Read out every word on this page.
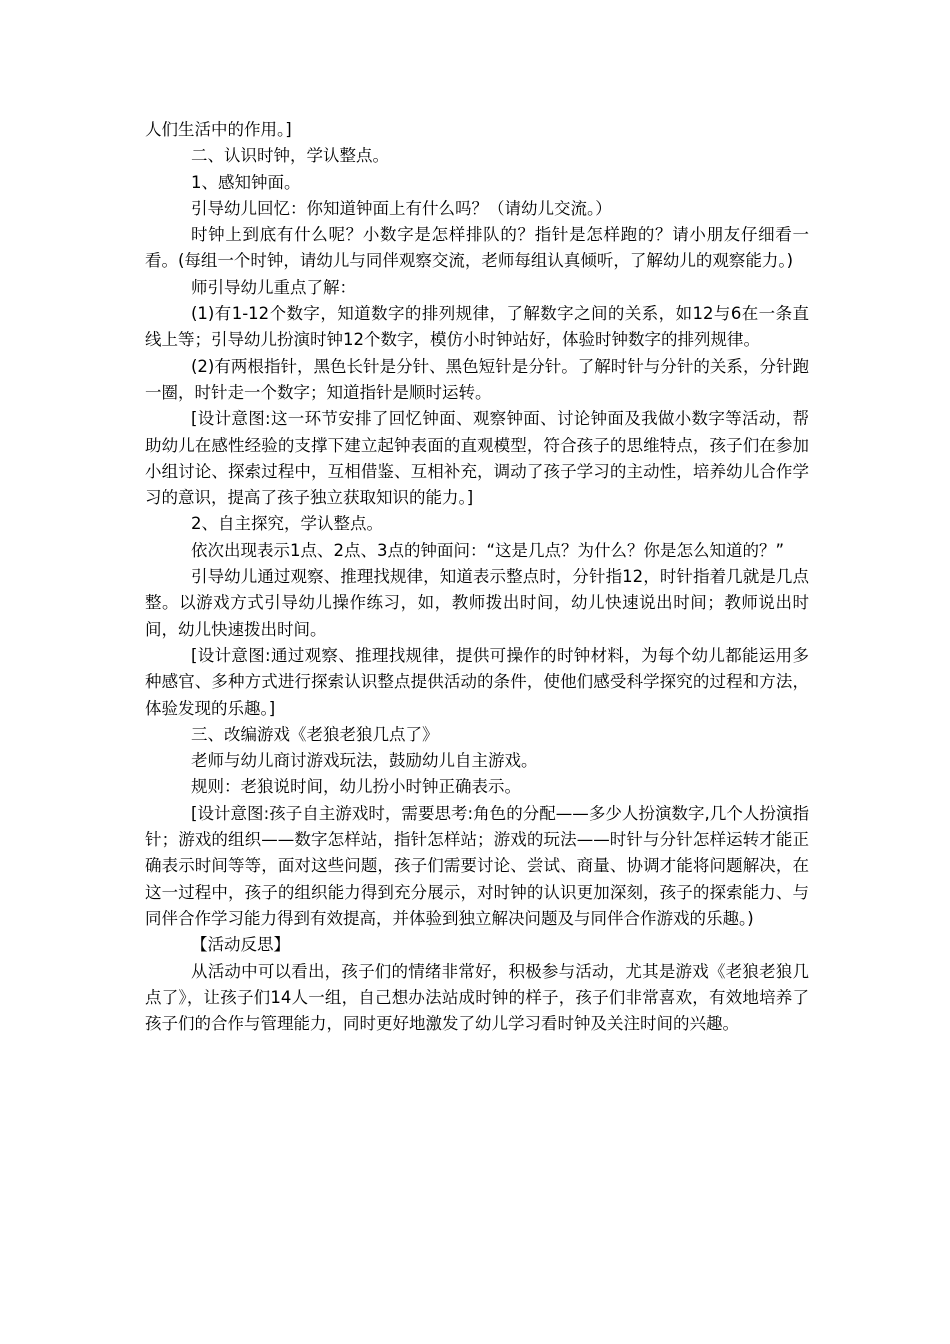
人们生活中的作用。]

二、认识时钟，学认整点。

1、感知钟面。

引导幼儿回忆：你知道钟面上有什么吗？（请幼儿交流。）

时钟上到底有什么呢？小数字是怎样排队的？指针是怎样跑的？请小朋友仔细看一看。(每组一个时钟，请幼儿与同伴观察交流，老师每组认真倾听，了解幼儿的观察能力。)

师引导幼儿重点了解：

(1)有1-12个数字，知道数字的排列规律，了解数字之间的关系，如12与6在一条直线上等；引导幼儿扮演时钟12个数字，模仿小时钟站好，体验时钟数字的排列规律。

(2)有两根指针，黑色长针是分针、黑色短针是分针。了解时针与分针的关系，分针跑一圈，时针走一个数字；知道指针是顺时运转。

[设计意图:这一环节安排了回忆钟面、观察钟面、讨论钟面及我做小数字等活动，帮助幼儿在感性经验的支撑下建立起钟表面的直观模型，符合孩子的思维特点，孩子们在参加小组讨论、探索过程中，互相借鉴、互相补充，调动了孩子学习的主动性，培养幼儿合作学习的意识，提高了孩子独立获取知识的能力。]

2、自主探究，学认整点。

依次出现表示1点、2点、3点的钟面问：“这是几点？为什么？你是怎么知道的？”

引导幼儿通过观察、推理找规律，知道表示整点时，分针指12，时针指着几就是几点整。以游戏方式引导幼儿操作练习，如，教师拨出时间，幼儿快速说出时间；教师说出时间，幼儿快速拨出时间。

[设计意图:通过观察、推理找规律，提供可操作的时钟材料，为每个幼儿都能运用多种感官、多种方式进行探索认识整点提供活动的条件，使他们感受科学探究的过程和方法，体验发现的乐趣。]

三、改编游戏《老狼老狼几点了》

老师与幼儿商讨游戏玩法，鼓励幼儿自主游戏。

规则：老狼说时间，幼儿扮小时钟正确表示。

[设计意图:孩子自主游戏时，需要思考:角色的分配——多少人扮演数字,几个人扮演指针；游戏的组织——数字怎样站，指针怎样站；游戏的玩法——时针与分针怎样运转才能正确表示时间等等，面对这些问题，孩子们需要讨论、尝试、商量、协调才能将问题解决，在这一过程中，孩子的组织能力得到充分展示，对时钟的认识更加深刻，孩子的探索能力、与同伴合作学习能力得到有效提高，并体验到独立解决问题及与同伴合作游戏的乐趣。)

【活动反思】

从活动中可以看出，孩子们的情绪非常好，积极参与活动，尤其是游戏《老狼老狼几点了》，让孩子们14人一组，自己想办法站成时钟的样子，孩子们非常喜欢，有效地培养了孩子们的合作与管理能力，同时更好地激发了幼儿学习看时钟及关注时间的兴趣。
